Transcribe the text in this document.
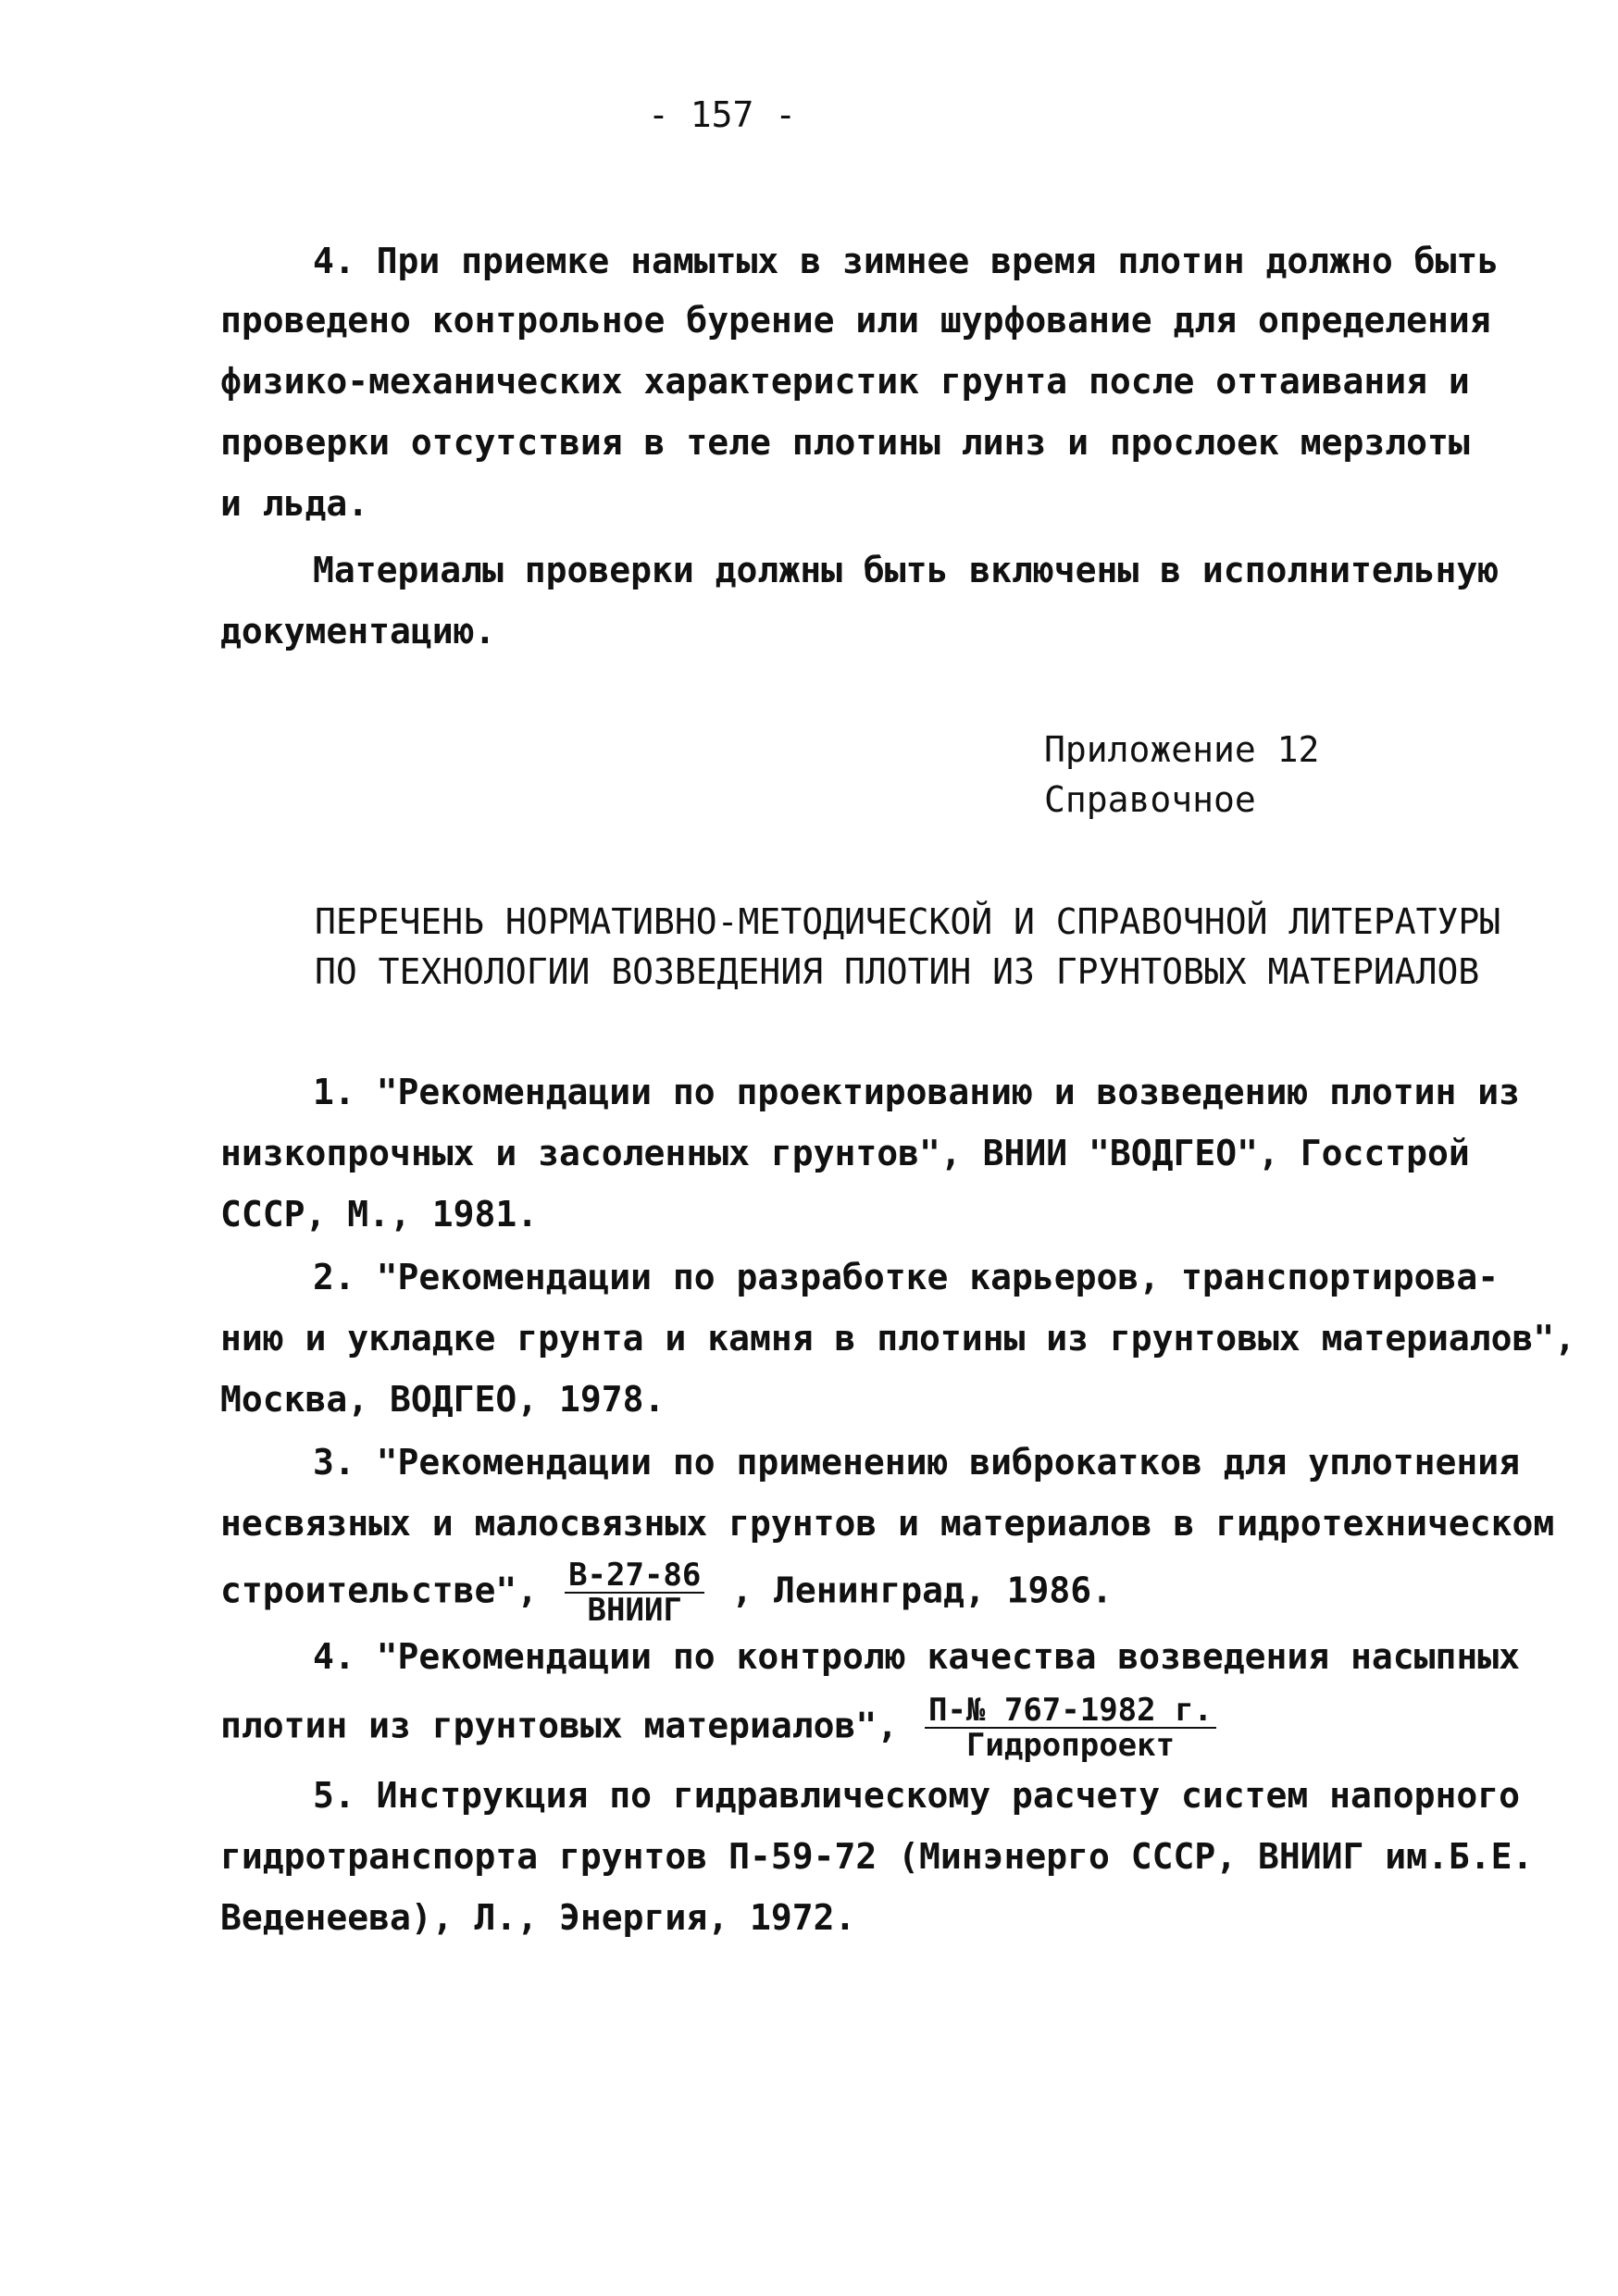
- 157 -
4. При приемке намытых в зимнее время плотин должно быть
проведено контрольное бурение или шурфование для определения
физико-механических характеристик грунта после оттаивания и
проверки отсутствия в теле плотины линз и прослоек мерзлоты
и льда.
Материалы проверки должны быть включены в исполнительную
документацию.
Приложение 12
Справочное
ПЕРЕЧЕНЬ НОРМАТИВНО-МЕТОДИЧЕСКОЙ И СПРАВОЧНОЙ ЛИТЕРАТУРЫ
ПО ТЕХНОЛОГИИ ВОЗВЕДЕНИЯ ПЛОТИН ИЗ ГРУНТОВЫХ МАТЕРИАЛОВ
1. "Рекомендации по проектированию и возведению плотин из
низкопрочных и засоленных грунтов", ВНИИ "ВОДГЕО", Госстрой
СССР, М., 1981.
2. "Рекомендации по разработке карьеров, транспортирова-
нию и укладке грунта и камня в плотины из грунтовых материалов",
Москва, ВОДГЕО, 1978.
3. "Рекомендации по применению виброкатков для уплотнения
несвязных и малосвязных грунтов и материалов в гидротехническом
строительстве", $\frac{В-27-86}{\text{ВНИИГ}}$ , Ленинград, 1986.
4. "Рекомендации по контролю качества возведения насыпных
плотин из грунтовых материалов", $\frac{П-№ 767-1982 г.}{\text{Гидропроект}}$
5. Инструкция по гидравлическому расчету систем напорного
гидротранспорта грунтов П-59-72 (Минэнерго СССР, ВНИИГ им.Б.Е.
Веденеева), Л., Энергия, 1972.
